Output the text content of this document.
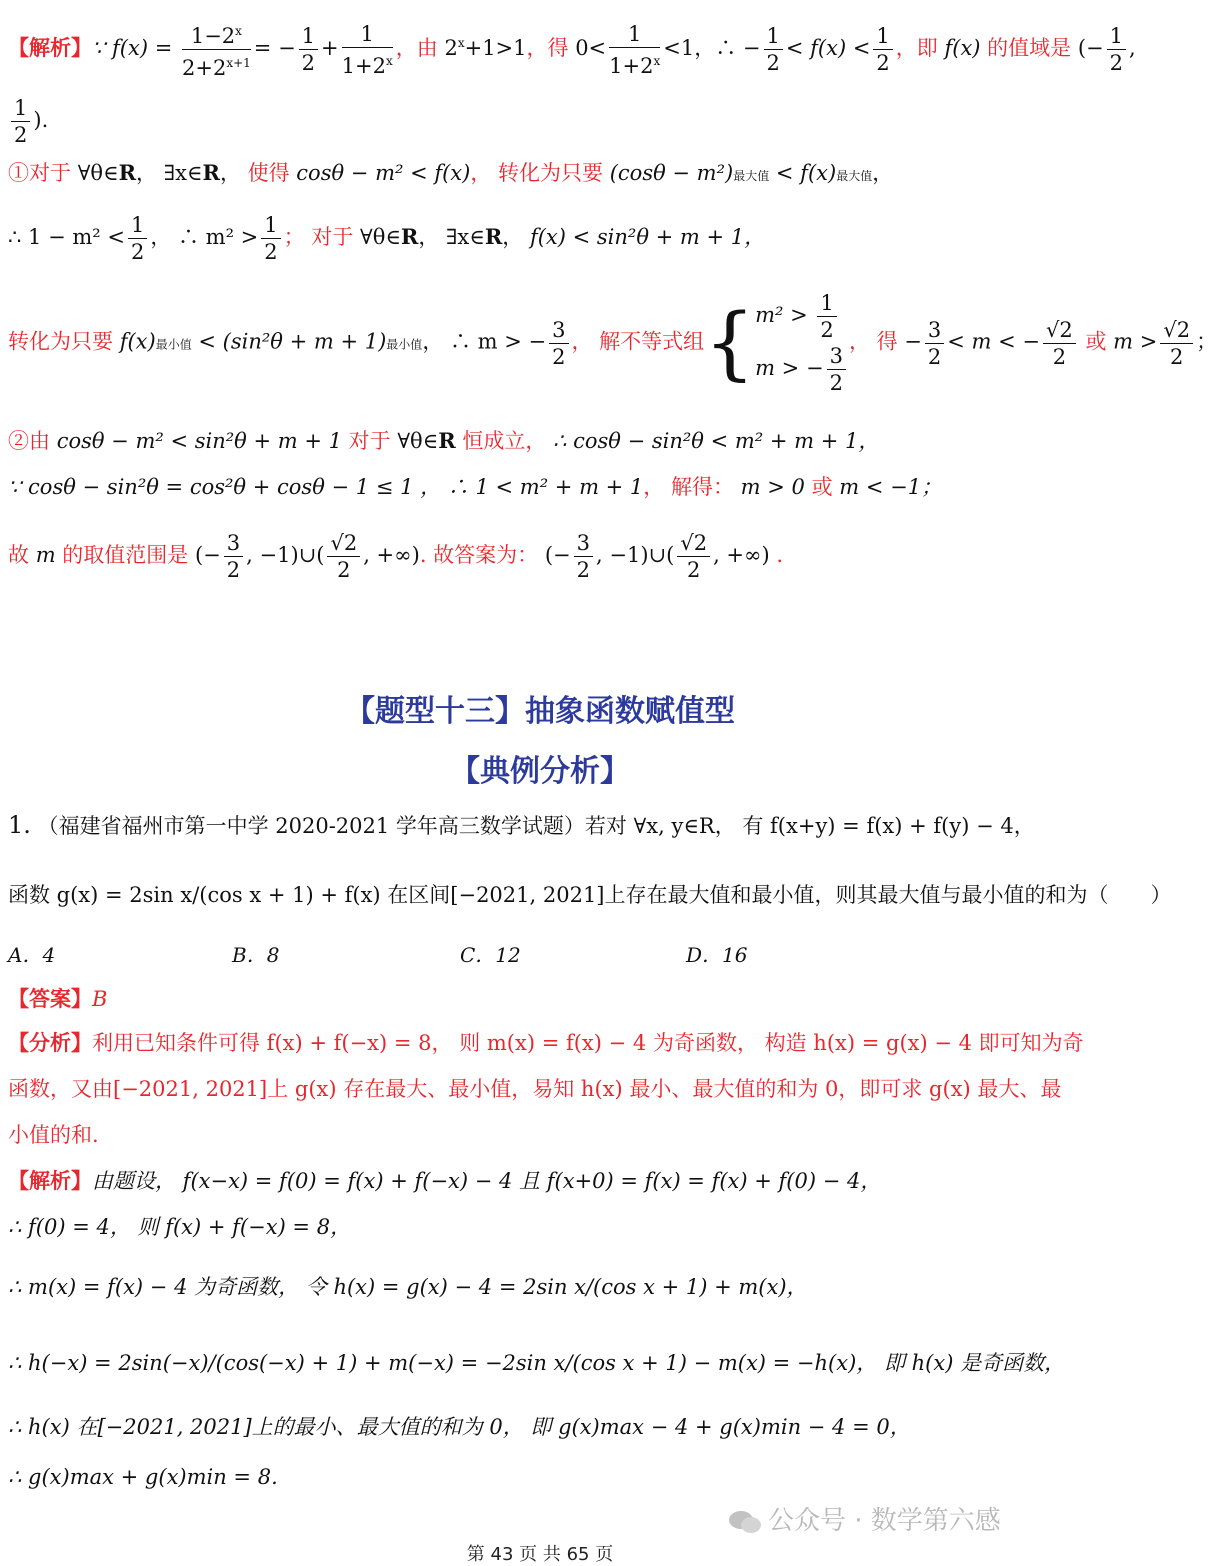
【解析】∵ $f(x) = \frac{1-2^x}{2+2^{x+1}}$ = − $\frac{1}{2} + \frac{1}{1+2^x}$ ，由 $2^x+1>1$，得 $0< \frac{1}{1+2^x} <1$，∴ − $\frac{1}{2} < f(x) < \frac{1}{2}$ ，即 f(x) 的值域是 (− $\frac{1}{2}$ ,
$\frac{1}{2}$ ).
①对于 ∀θ∈R， ∃x∈R， 使得 cosθ − m² < f(x)， 转化为只要 (cosθ − m²)最大值 < f(x)最大值，
∴ $1 - m^2 < \frac{1}{2}$ ， ∴ $m^2 > \frac{1}{2}$ ； 对于 ∀θ∈R， ∃x∈R， f(x) < sin²θ + m + 1，
转化为只要 f(x)最小值 < (sin²θ + m + 1)最小值， ∴ m > − $\frac{3}{2}$ ， 解不等式组{ $m^2 > \frac{1}{2}$
m > − $\frac{3}{2}$
， 得 − $\frac{3}{2} < m$ < − $\frac{√2}{2}$ 或 $m > \frac{√2}{2}$ ；
②由 cosθ − m² < sin²θ + m + 1 对于 ∀θ∈R 恒成立， ∴ cosθ − sin²θ < m² + m + 1，
∵ cosθ − sin²θ = cos²θ + cosθ − 1 ≤ 1 ， ∴ 1 < m² + m + 1， 解得： m > 0 或 m < −1；
故 m 的取值范围是 (− $\frac{3}{2}$ , −1)∪( $\frac{√2}{2}$ , +∞). 故答案为： (− $\frac{3}{2}$ , −1)∪( $\frac{√2}{2}$ , +∞) .
【题型十三】抽象函数赋值型
【典例分析】
1. （福建省福州市第一中学 2020-2021 学年高三数学试题）若对 ∀x, y∈R， 有 f(x+y) = f(x) + f(y) − 4，
函数 g(x) = 2sin x/(cos x + 1) + f(x) 在区间[−2021, 2021]上存在最大值和最小值，则其最大值与最小值的和为（　　）
A．4	B．8	C．12	D．16
【答案】B
【分析】利用已知条件可得 f(x) + f(−x) = 8， 则 m(x) = f(x) − 4 为奇函数， 构造 h(x) = g(x) − 4 即可知为奇
函数，又由[−2021, 2021]上 g(x) 存在最大、最小值，易知 h(x) 最小、最大值的和为 0，即可求 g(x) 最大、最
小值的和.
【解析】由题设， f(x−x) = f(0) = f(x) + f(−x) − 4 且 f(x+0) = f(x) = f(x) + f(0) − 4，
∴ f(0) = 4， 则 f(x) + f(−x) = 8，
∴ m(x) = f(x) − 4 为奇函数， 令 h(x) = g(x) − 4 = 2sin x/(cos x + 1) + m(x)，
∴ h(−x) = 2sin(−x)/(cos(−x) + 1) + m(−x) = −2sin x/(cos x + 1) − m(x) = −h(x)， 即 h(x) 是奇函数，
∴ h(x) 在[−2021, 2021]上的最小、最大值的和为 0， 即 g(x)max − 4 + g(x)min − 4 = 0，
∴ g(x)max + g(x)min = 8.
公众号 · 数学第六感
第 43 页 共 65 页
